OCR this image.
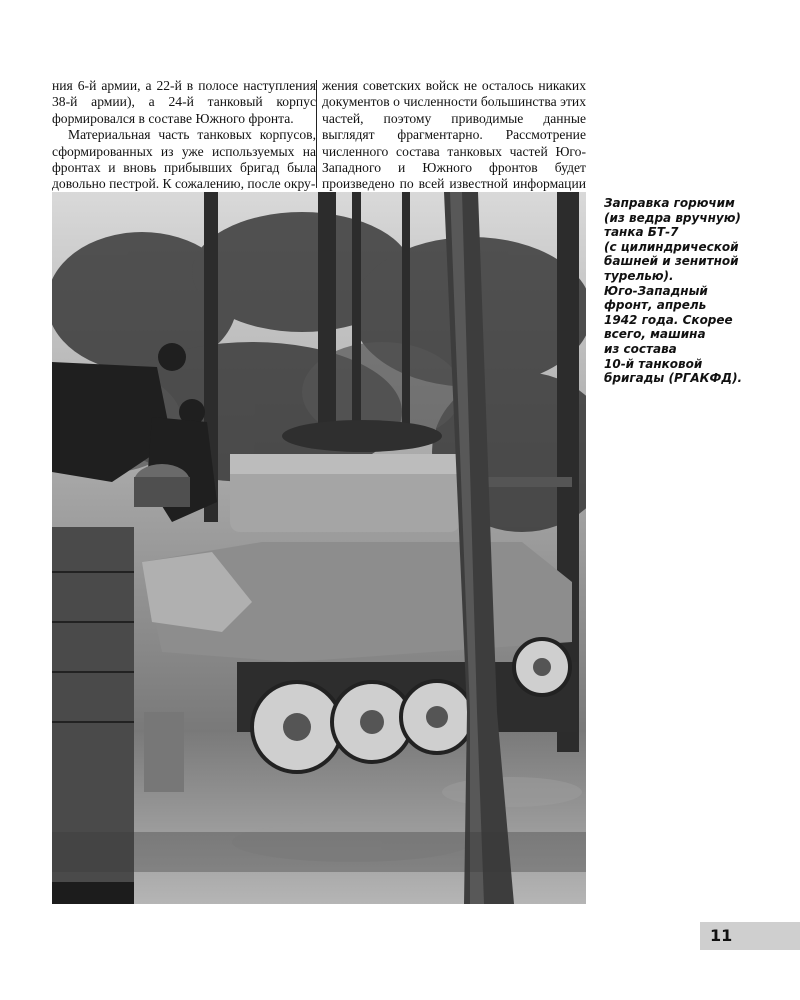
ния 6-й армии, а 22-й в полосе наступления 38-й армии), а 24-й танковый корпус формировался в составе Южного фронта.

Материальная часть танковых корпусов, сформированных из уже используемых на фронтах и вновь прибывших бригад была довольно пестрой. К сожалению, после окру-

жения советских войск не осталось никаких документов о численности большинства этих частей, поэтому приводимые данные выглядят фрагментарно. Рассмотрение численного состава танковых частей Юго-Западного и Южного фронтов будет произведено по всей известной информации

Заправка горючим
(из ведра вручную)
танка БТ-7
(с цилиндрической
башней и зенитной
турелью).
Юго-Западный
фронт, апрель
1942 года. Скорее
всего, машина
из состава
10-й танковой
бригады (РГАКФД).
11
